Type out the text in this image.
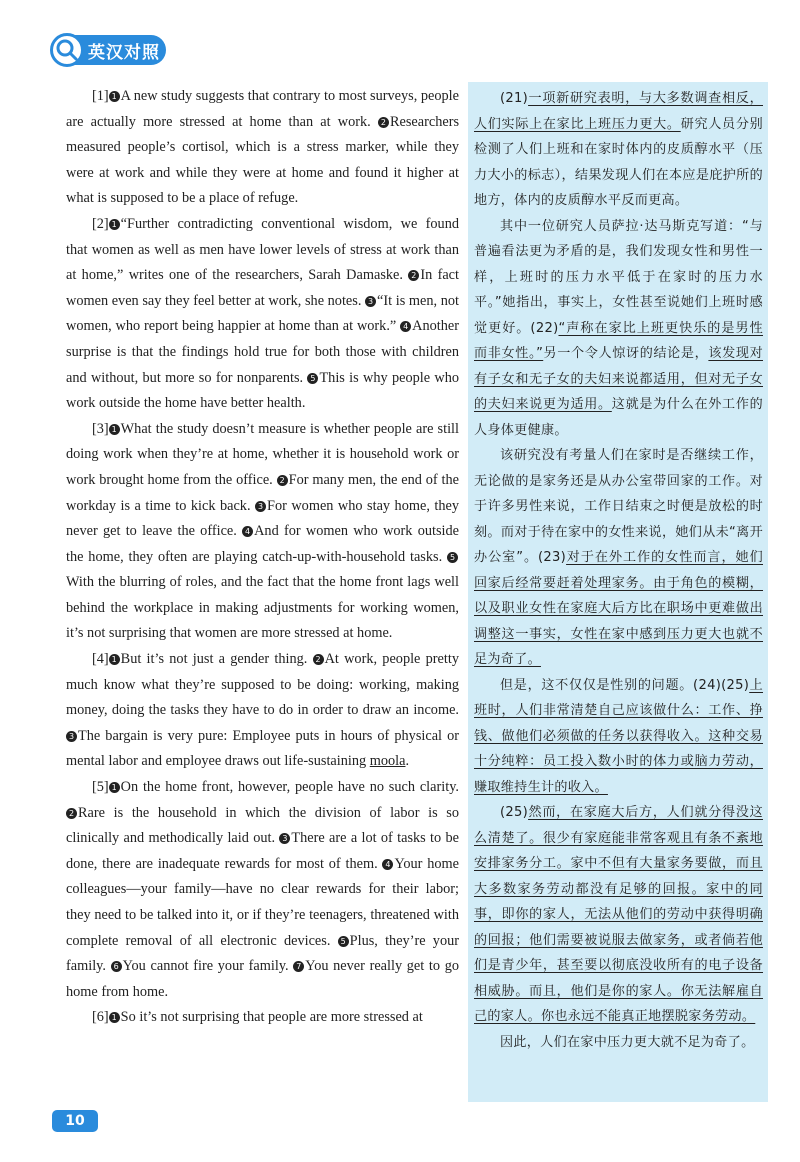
英汉对照

[1] 1 A new study suggests that contrary to most surveys, people are actually more stressed at home than at work. 2 Researchers measured people’s cortisol, which is a stress marker, while they were at work and while they were at home and found it higher at what is supposed to be a place of refuge.

[2] 1 “Further contradicting conventional wisdom, we found that women as well as men have lower levels of stress at work than at home,” writes one of the researchers, Sarah Damaske. 2 In fact women even say they feel better at work, she notes. 3 “It is men, not women, who report being happier at home than at work.” 4 Another surprise is that the findings hold true for both those with children and without, but more so for nonparents. 5 This is why people who work outside the home have better health.

[3] 1 What the study doesn’t measure is whether people are still doing work when they’re at home, whether it is household work or work brought home from the office. 2 For many men, the end of the workday is a time to kick back. 3 For women who stay home, they never get to leave the office. 4 And for women who work outside the home, they often are playing catch-up-with-household tasks. 5With the blurring of roles, and the fact that the home front lags well behind the workplace in making adjustments for working women, it’s not surprising that women are more stressed at home.

[4] 1 But it’s not just a gender thing. 2 At work, people pretty much know what they’re supposed to be doing: working, making money, doing the tasks they have to do in order to draw an income. 3 The bargain is very pure: Employee puts in hours of physical or mental labor and employee draws out life-sustaining moola.

[5] 1 On the home front, however, people have no such clarity. 2 Rare is the household in which the division of labor is so clinically and methodically laid out. 3 There are a lot of tasks to be done, there are inadequate rewards for most of them. 4 Your home colleagues—your family—have no clear rewards for their labor; they need to be talked into it, or if they’re teenagers, threatened with complete removal of all electronic devices. 5 Plus, they’re your family. 6 You cannot fire your family. 7 You never really get to go home from home.

[6] 1 So it’s not surprising that people are more stressed at

(21)一项新研究表明，与大多数调查相反，人们实际上在家比上班压力更大。研究人员分别检测了人们上班和在家时体内的皮质醇水平（压力大小的标志），结果发现人们在本应是庇护所的地方，体内的皮质醇水平反而更高。

其中一位研究人员萨拉·达马斯克写道：“与普遍看法更为矛盾的是，我们发现女性和男性一样，上班时的压力水平低于在家时的压力水平。”她指出，事实上，女性甚至说她们上班时感觉更好。(22)“声称在家比上班更快乐的是男性而非女性。”另一个令人惊讶的结论是，该发现对有子女和无子女的夫妇来说都适用，但对无子女的夫妇来说更为适用。这就是为什么在外工作的人身体更健康。

该研究没有考量人们在家时是否继续工作，无论做的是家务还是从办公室带回家的工作。对于许多男性来说，工作日结束之时便是放松的时刻。而对于待在家中的女性来说，她们从未“离开办公室”。(23)对于在外工作的女性而言，她们回家后经常要赶着处理家务。由于角色的模糊，以及职业女性在家庭大后方比在职场中更难做出调整这一事实，女性在家中感到压力更大也就不足为奇了。

但是，这不仅仅是性别的问题。(24)(25)上班时，人们非常清楚自己应该做什么：工作、挣钱、做他们必须做的任务以获得收入。这种交易十分纯粹：员工投入数小时的体力或脑力劳动，赚取维持生计的收入。

(25)然而，在家庭大后方，人们就分得没这么清楚了。很少有家庭能非常客观且有条不紊地安排家务分工。家中不但有大量家务要做，而且大多数家务劳动都没有足够的回报。家中的同事，即你的家人，无法从他们的劳动中获得明确的回报；他们需要被说服去做家务，或者倘若他们是青少年，甚至要以彻底没收所有的电子设备相威胁。而且，他们是你的家人。你无法解雇自己的家人。你也永远不能真正地摆脱家务劳动。

因此，人们在家中压力更大就不足为奇了。

10
